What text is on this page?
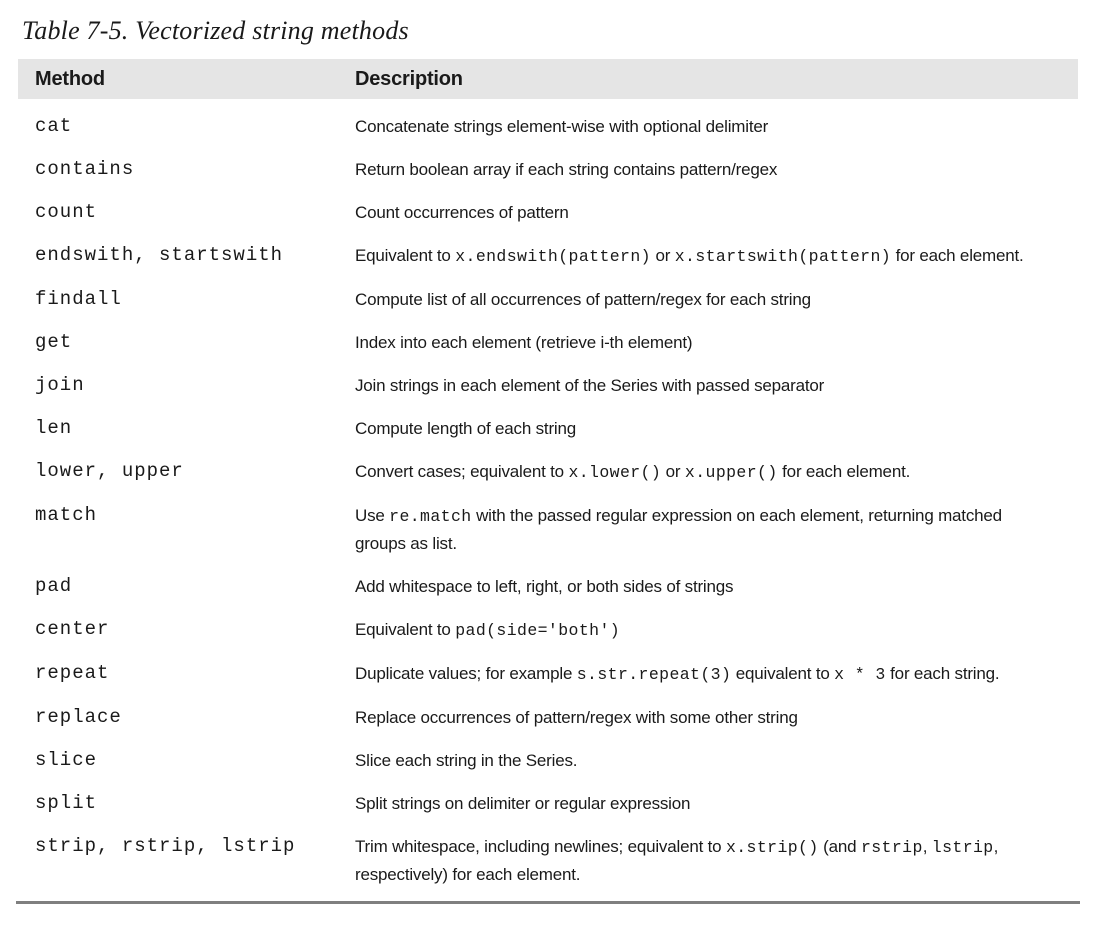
Table 7-5. Vectorized string methods
Method	Description
cat	Concatenate strings element-wise with optional delimiter
contains	Return boolean array if each string contains pattern/regex
count	Count occurrences of pattern
endswith, startswith	Equivalent to x.endswith(pattern) or x.startswith(pattern) for each element.
findall	Compute list of all occurrences of pattern/regex for each string
get	Index into each element (retrieve i-th element)
join	Join strings in each element of the Series with passed separator
len	Compute length of each string
lower, upper	Convert cases; equivalent to x.lower() or x.upper() for each element.
match	Use re.match with the passed regular expression on each element, returning matched groups as list.
pad	Add whitespace to left, right, or both sides of strings
center	Equivalent to pad(side='both')
repeat	Duplicate values; for example s.str.repeat(3) equivalent to x * 3 for each string.
replace	Replace occurrences of pattern/regex with some other string
slice	Slice each string in the Series.
split	Split strings on delimiter or regular expression
strip, rstrip, lstrip	Trim whitespace, including newlines; equivalent to x.strip() (and rstrip, lstrip, respectively) for each element.
